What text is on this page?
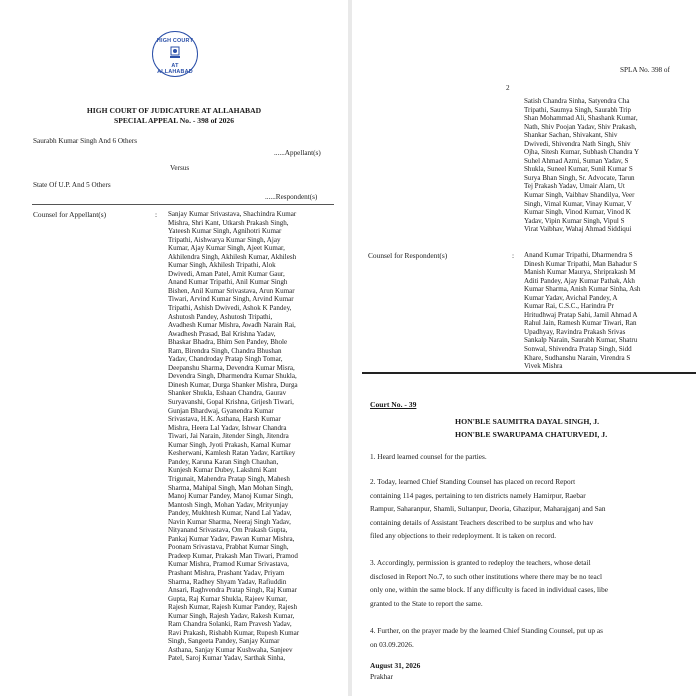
HIGH COURT
AT ALLAHABAD
HIGH COURT OF JUDICATURE AT ALLAHABAD
SPECIAL APPEAL No. - 398 of 2026
Saurabh Kumar Singh And 6 Others
......Appellant(s)
Versus
State Of U.P. And 5 Others
......Respondent(s)
Counsel for Appellant(s)	: Sanjay Kumar Srivastava, Shachindra Kumar
Mishra, Shri Kant, Utkarsh Prakash Singh,
Yateesh Kumar Singh, Agnihotri Kumar
Tripathi, Aishwarya Kumar Singh, Ajay
Kumar, Ajay Kumar Singh, Ajeet Kumar,
Akhilendra Singh, Akhilesh Kumar, Akhilesh
Kumar Singh, Akhilesh Tripathi, Alok
Dwivedi, Aman Patel, Amit Kumar Gaur,
Anand Kumar Tripathi, Anil Kumar Singh
Bishen, Anil Kumar Srivastava, Arun Kumar
Tiwari, Arvind Kumar Singh, Arvind Kumar
Tripathi, Ashish Dwivedi, Ashok K Pandey,
Ashutosh Pandey, Ashutosh Tripathi,
Avadhesh Kumar Mishra, Awadh Narain Rai,
Awadhesh Prasad, Bal Krishna Yadav,
Bhaskar Bhadra, Bhim Sen Pandey, Bhole
Ram, Birendra Singh, Chandra Bhushan
Yadav, Chandroday Pratap Singh Tomar,
Deepanshu Sharma, Devendra Kumar Misra,
Devendra Singh, Dharmendra Kumar Shukla,
Dinesh Kumar, Durga Shanker Mishra, Durga
Shanker Shukla, Eshaan Chandra, Gaurav
Suryavanshi, Gopal Krishna, Grijesh Tiwari,
Gunjan Bhardwaj, Gyanendra Kumar
Srivastava, H.K. Asthana, Harsh Kumar
Mishra, Heera Lal Yadav, Ishwar Chandra
Tiwari, Jai Narain, Jitender Singh, Jitendra
Kumar Singh, Jyoti Prakash, Kamal Kumar
Kesherwani, Kamlesh Ratan Yadav, Kartikey
Pandey, Karuna Karan Singh Chauhan,
Kunjesh Kumar Dubey, Lakshmi Kant
Trigunait, Mahendra Pratap Singh, Mahesh
Sharma, Mahipal Singh, Man Mohan Singh,
Manoj Kumar Pandey, Manoj Kumar Singh,
Mantosh Singh, Mohan Yadav, Mrityunjay
Pandey, Mukhtesh Kumar, Nand Lal Yadav,
Navin Kumar Sharma, Neeraj Singh Yadav,
Nityanand Srivastava, Om Prakash Gupta,
Pankaj Kumar Yadav, Pawan Kumar Mishra,
Poonam Srivastava, Prabhat Kumar Singh,
Pradeep Kumar, Prakash Man Tiwari, Pramod
Kumar Mishra, Pramod Kumar Srivastava,
Prashant Mishra, Prashant Yadav, Priyam
Sharma, Radhey Shyam Yadav, Rafiuddin
Ansari, Raghvendra Pratap Singh, Raj Kumar
Gupta, Raj Kumar Shukla, Rajeev Kumar,
Rajesh Kumar, Rajesh Kumar Pandey, Rajesh
Kumar Singh, Rajesh Yadav, Rakesh Kumar,
Ram Chandra Solanki, Ram Pravesh Yadav,
Ravi Prakash, Rishabh Kumar, Rupesh Kumar
Singh, Sangeeta Pandey, Sanjay Kumar
Asthana, Sanjay Kumar Kushwaha, Sanjeev
Patel, Saroj Kumar Yadav, Sarthak Sinha,
SPLA No. 398 of
2
Satish Chandra Sinha, Satyendra Cha
Tripathi, Saumya Singh, Saurabh Trip
Shan Mohammad Ali, Shashank Kumar,
Nath, Shiv Poojan Yadav, Shiv Prakash,
Shankar Sachan, Shivakant, Shiv
Dwivedi, Shivendra Nath Singh, Shiv
Ojha, Sitesh Kumar, Subhash Chandra Y
Suhel Ahmad Azmi, Suman Yadav, S
Shukla, Suneel Kumar, Sunil Kumar S
Surya Bhan Singh, Sr. Advocate, Tarun
Tej Prakash Yadav, Umair Alam, Ut
Kumar Singh, Vaibhav Shandilya, Veer
Singh, Vimal Kumar, Vinay Kumar, V
Kumar Singh, Vinod Kumar, Vinod K
Yadav, Vipin Kumar Singh, Vipul S
Virat Vaibhav, Wahaj Ahmad Siddiqui
Counsel for Respondent(s)	: Anand Kumar Tripathi, Dharmendra S
Dinesh Kumar Tripathi, Man Bahadur S
Manish Kumar Maurya, Shriprakash M
Aditi Pandey, Ajay Kumar Pathak, Akh
Kumar Sharma, Anish Kumar Sinha, Ash
Kumar Yadav, Avichal Pandey, A
Kumar Rai, C.S.C., Harindra Pr
Hritudhwaj Pratap Sahi, Jamil Ahmad A
Rahul Jain, Ramesh Kumar Tiwari, Ran
Upadhyay, Ravindra Prakash Srivas
Sankalp Narain, Saurabh Kumar, Shatru
Sonwal, Shivendra Pratap Singh, Sidd
Khare, Sudhanshu Narain, Virendra S
Vivek Mishra
Court No. - 39
HON'BLE SAUMITRA DAYAL SINGH, J.
HON'BLE SWARUPAMA CHATURVEDI, J.
1. Heard learned counsel for the parties.
2. Today, learned Chief Standing Counsel has placed on record Report
containing 114 pages, pertaining to ten districts namely Hamirpur, Raebar
Rampur, Saharanpur, Shamli, Sultanpur, Deoria, Ghazipur, Maharajganj and San
containing details of Assistant Teachers described to be surplus and who hav
filed any objections to their redeployment. It is taken on record.
3. Accordingly, permission is granted to redeploy the teachers, whose detail
disclosed in Report No.7, to such other institutions where there may be no teacl
only one, within the same block. If any difficulty is faced in individual cases, libe
granted to the State to report the same.
4. Further, on the prayer made by the learned Chief Standing Counsel, put up as
on 03.09.2026.
August 31, 2026
Prakhar
